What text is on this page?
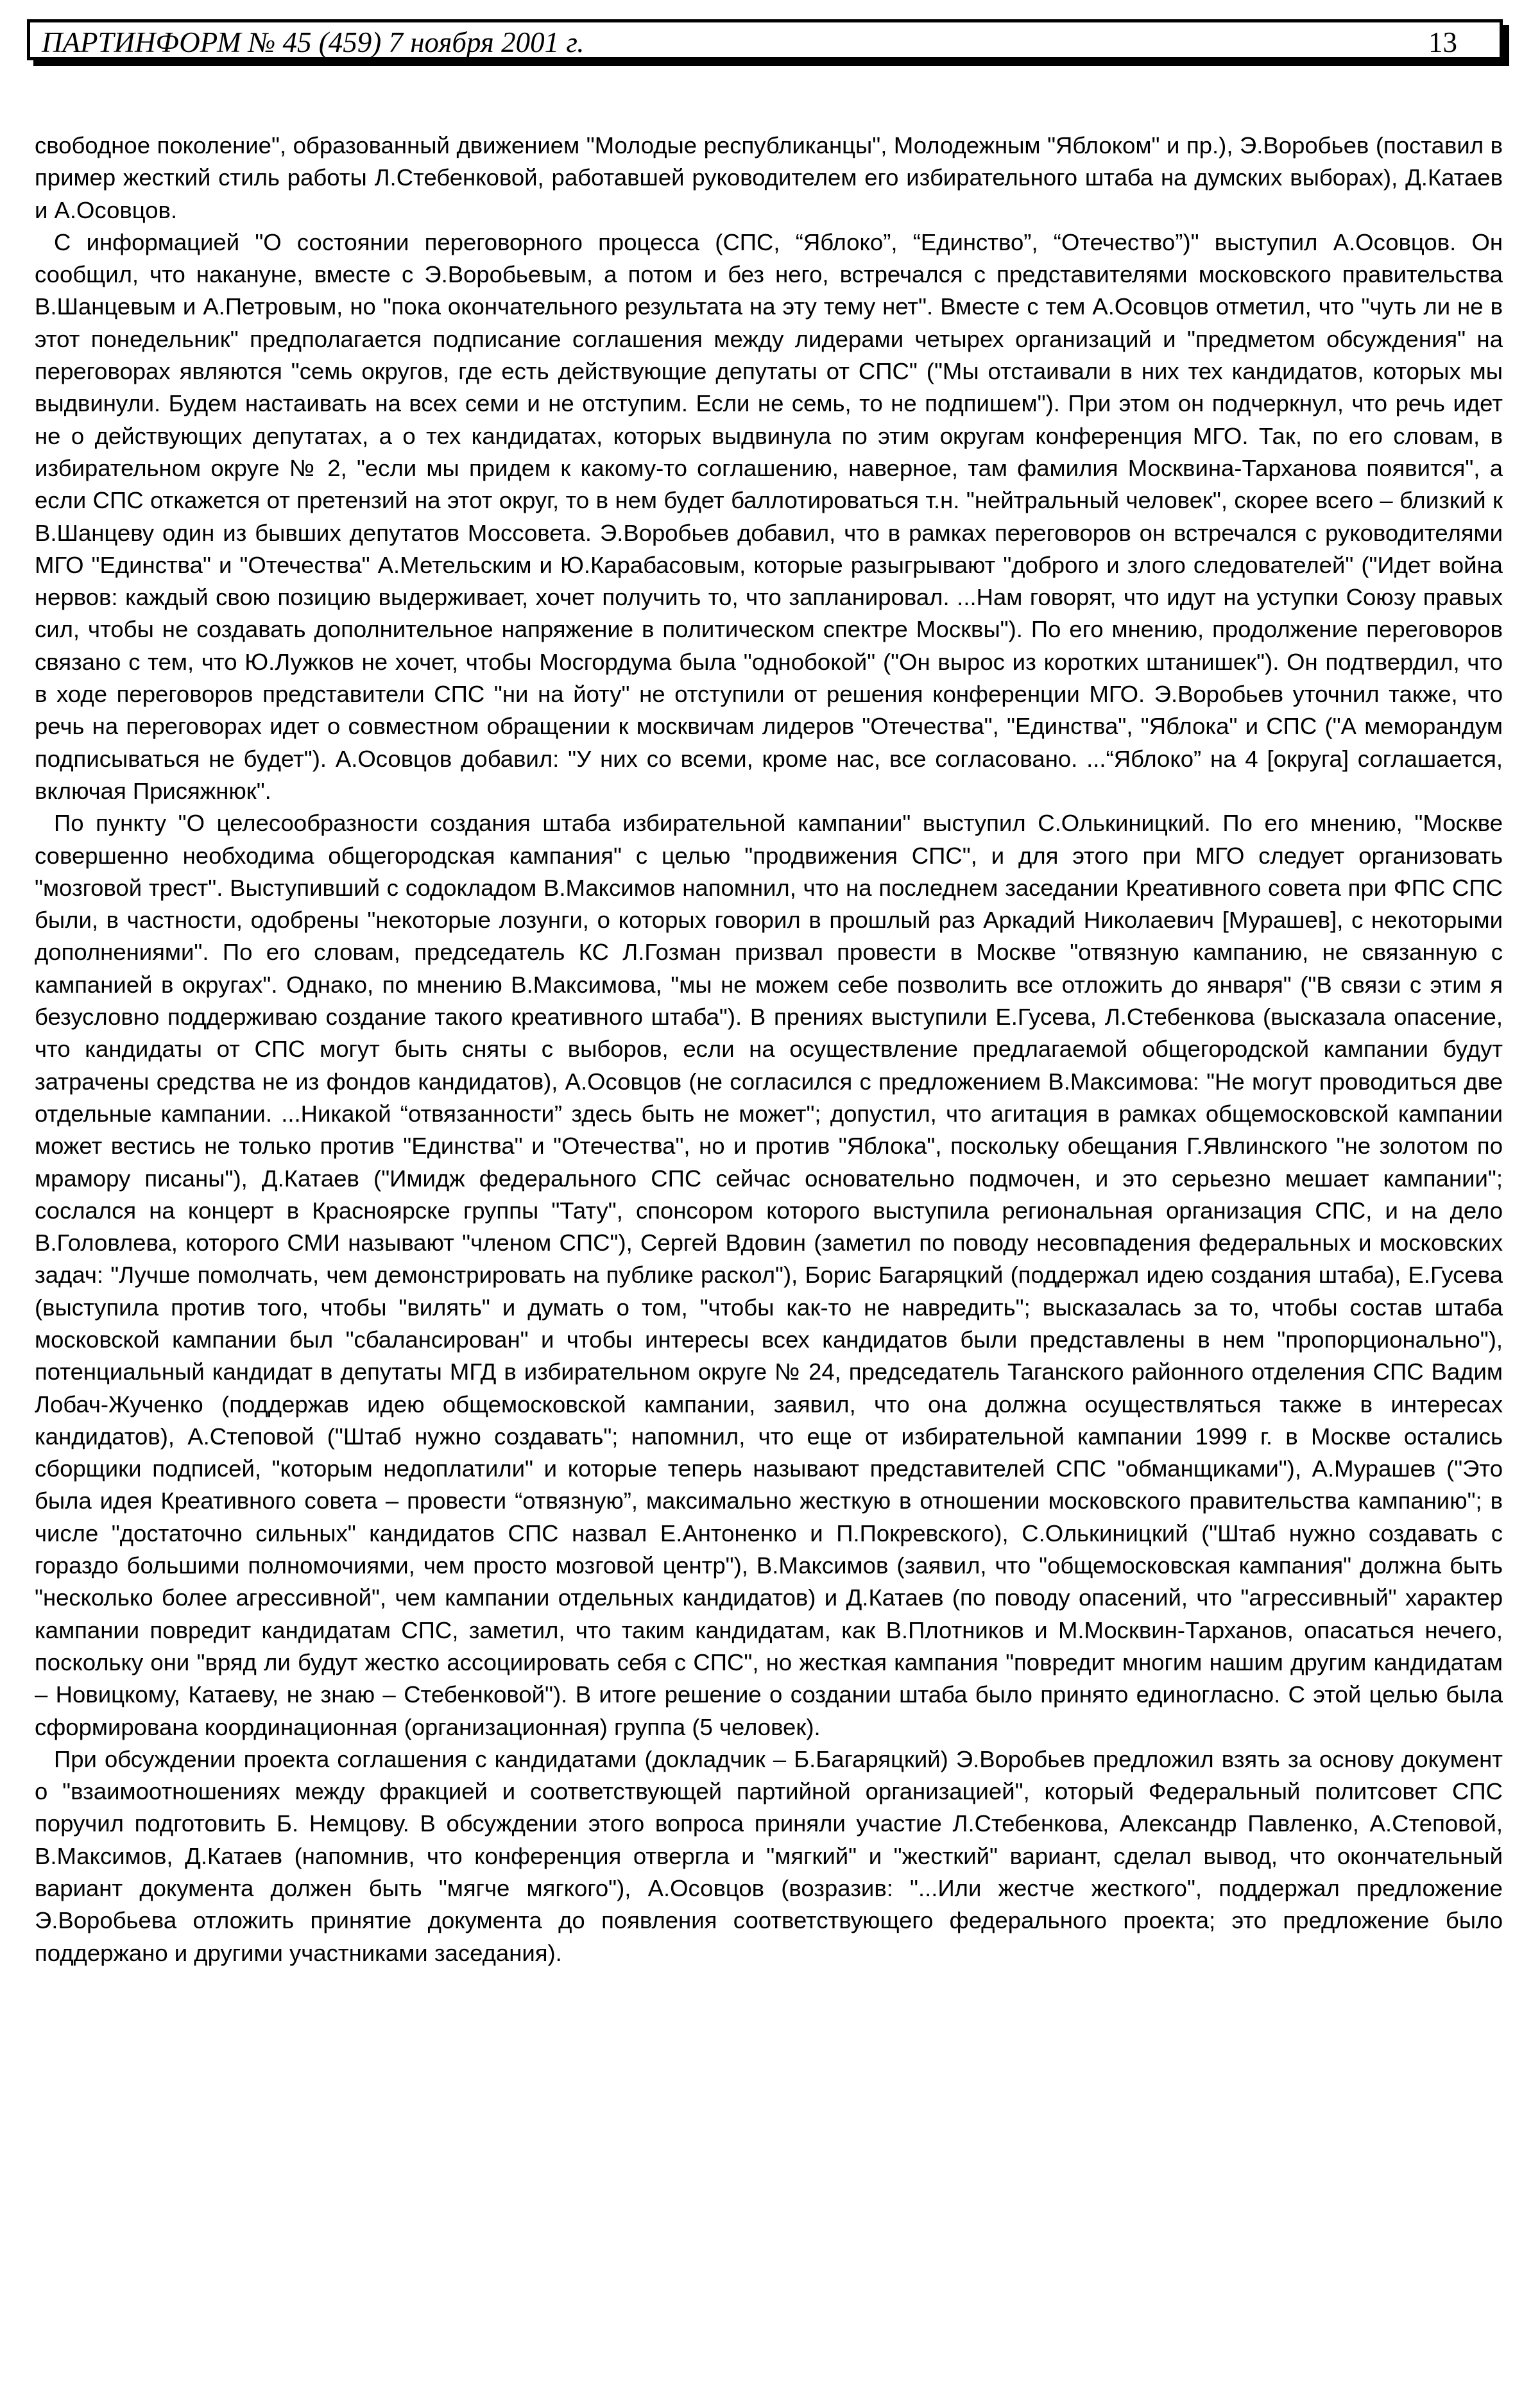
ПАРТИНФОРМ № 45 (459) 7 ноября 2001 г.	13

свободное поколение", образованный движением "Молодые республиканцы", Молодежным "Яблоком" и пр.), Э.Воробьев (поставил в пример жесткий стиль работы Л.Стебенковой, работавшей руководителем его избирательного штаба на думских выборах), Д.Катаев и А.Осовцов.

С информацией "О состоянии переговорного процесса (СПС, “Яблоко”, “Единство”, “Отечество”)" выступил А.Осовцов. Он сообщил, что накануне, вместе с Э.Воробьевым, а потом и без него, встречался с представителями московского правительства В.Шанцевым и А.Петровым, но "пока окончательного результата на эту тему нет". Вместе с тем А.Осовцов отметил, что "чуть ли не в этот понедельник" предполагается подписание соглашения между лидерами четырех организаций и "предметом обсуждения" на переговорах являются "семь округов, где есть действующие депутаты от СПС" ("Мы отстаивали в них тех кандидатов, которых мы выдвинули. Будем настаивать на всех семи и не отступим. Если не семь, то не подпишем"). При этом он подчеркнул, что речь идет не о действующих депутатах, а о тех кандидатах, которых выдвинула по этим округам конференция МГО. Так, по его словам, в избирательном округе № 2, "если мы придем к какому-то соглашению, наверное, там фамилия Москвина-Тарханова появится", а если СПС откажется от претензий на этот округ, то в нем будет баллотироваться т.н. "нейтральный человек", скорее всего – близкий к В.Шанцеву один из бывших депутатов Моссовета. Э.Воробьев добавил, что в рамках переговоров он встречался с руководителями МГО "Единства" и "Отечества" А.Метельским и Ю.Карабасовым, которые разыгрывают "доброго и злого следователей" ("Идет война нервов: каждый свою позицию выдерживает, хочет получить то, что запланировал. ...Нам говорят, что идут на уступки Союзу правых сил, чтобы не создавать дополнительное напряжение в политическом спектре Москвы"). По его мнению, продолжение переговоров связано с тем, что Ю.Лужков не хочет, чтобы Мосгордума была "однобокой" ("Он вырос из коротких штанишек"). Он подтвердил, что в ходе переговоров представители СПС "ни на йоту" не отступили от решения конференции МГО. Э.Воробьев уточнил также, что речь на переговорах идет о совместном обращении к москвичам лидеров "Отечества", "Единства", "Яблока" и СПС ("А меморандум подписываться не будет"). А.Осовцов добавил: "У них со всеми, кроме нас, все согласовано. ...“Яблоко” на 4 [округа] соглашается, включая Присяжнюк".

По пункту "О целесообразности создания штаба избирательной кампании" выступил С.Олькиницкий. По его мнению, "Москве совершенно необходима общегородская кампания" с целью "продвижения СПС", и для этого при МГО следует организовать "мозговой трест". Выступивший с содокладом В.Максимов напомнил, что на последнем заседании Креативного совета при ФПС СПС были, в частности, одобрены "некоторые лозунги, о которых говорил в прошлый раз Аркадий Николаевич [Мурашев], с некоторыми дополнениями". По его словам, председатель КС Л.Гозман призвал провести в Москве "отвязную кампанию, не связанную с кампанией в округах". Однако, по мнению В.Максимова, "мы не можем себе позволить все отложить до января" ("В связи с этим я безусловно поддерживаю создание такого креативного штаба"). В прениях выступили Е.Гусева, Л.Стебенкова (высказала опасение, что кандидаты от СПС могут быть сняты с выборов, если на осуществление предлагаемой общегородской кампании будут затрачены средства не из фондов кандидатов), А.Осовцов (не согласился с предложением В.Максимова: "Не могут проводиться две отдельные кампании. ...Никакой “отвязанности” здесь быть не может"; допустил, что агитация в рамках общемосковской кампании может вестись не только против "Единства" и "Отечества", но и против "Яблока", поскольку обещания Г.Явлинского "не золотом по мрамору писаны"), Д.Катаев ("Имидж федерального СПС сейчас основательно подмочен, и это серьезно мешает кампании"; сослался на концерт в Красноярске группы "Тату", спонсором которого выступила региональная организация СПС, и на дело В.Головлева, которого СМИ называют "членом СПС"), Сергей Вдовин (заметил по поводу несовпадения федеральных и московских задач: "Лучше помолчать, чем демонстрировать на публике раскол"), Борис Багаряцкий (поддержал идею создания штаба), Е.Гусева (выступила против того, чтобы "вилять" и думать о том, "чтобы как-то не навредить"; высказалась за то, чтобы состав штаба московской кампании был "сбалансирован" и чтобы интересы всех кандидатов были представлены в нем "пропорционально"), потенциальный кандидат в депутаты МГД в избирательном округе № 24, председатель Таганского районного отделения СПС Вадим Лобач-Жученко (поддержав идею общемосковской кампании, заявил, что она должна осуществляться также в интересах кандидатов), А.Степовой ("Штаб нужно создавать"; напомнил, что еще от избирательной кампании 1999 г. в Москве остались сборщики подписей, "которым недоплатили" и которые теперь называют представителей СПС "обманщиками"), А.Мурашев ("Это была идея Креативного совета – провести “отвязную”, максимально жесткую в отношении московского правительства кампанию"; в числе "достаточно сильных" кандидатов СПС назвал Е.Антоненко и П.Покревского), С.Олькиницкий ("Штаб нужно создавать с гораздо большими полномочиями, чем просто мозговой центр"), В.Максимов (заявил, что "общемосковская кампания" должна быть "несколько более агрессивной", чем кампании отдельных кандидатов) и Д.Катаев (по поводу опасений, что "агрессивный" характер кампании повредит кандидатам СПС, заметил, что таким кандидатам, как В.Плотников и М.Москвин-Тарханов, опасаться нечего, поскольку они "вряд ли будут жестко ассоциировать себя с СПС", но жесткая кампания "повредит многим нашим другим кандидатам – Новицкому, Катаеву, не знаю – Стебенковой"). В итоге решение о создании штаба было принято единогласно. С этой целью была сформирована координационная (организационная) группа (5 человек).

При обсуждении проекта соглашения с кандидатами (докладчик – Б.Багаряцкий) Э.Воробьев предложил взять за основу документ о "взаимоотношениях между фракцией и соответствующей партийной организацией", который Федеральный политсовет СПС поручил подготовить Б. Немцову. В обсуждении этого вопроса приняли участие Л.Стебенкова, Александр Павленко, А.Степовой, В.Максимов, Д.Катаев (напомнив, что конференция отвергла и "мягкий" и "жесткий" вариант, сделал вывод, что окончательный вариант документа должен быть "мягче мягкого"), А.Осовцов (возразив: "...Или жестче жесткого", поддержал предложение Э.Воробьева отложить принятие документа до появления соответствующего федерального проекта; это предложение было поддержано и другими участниками заседания).
